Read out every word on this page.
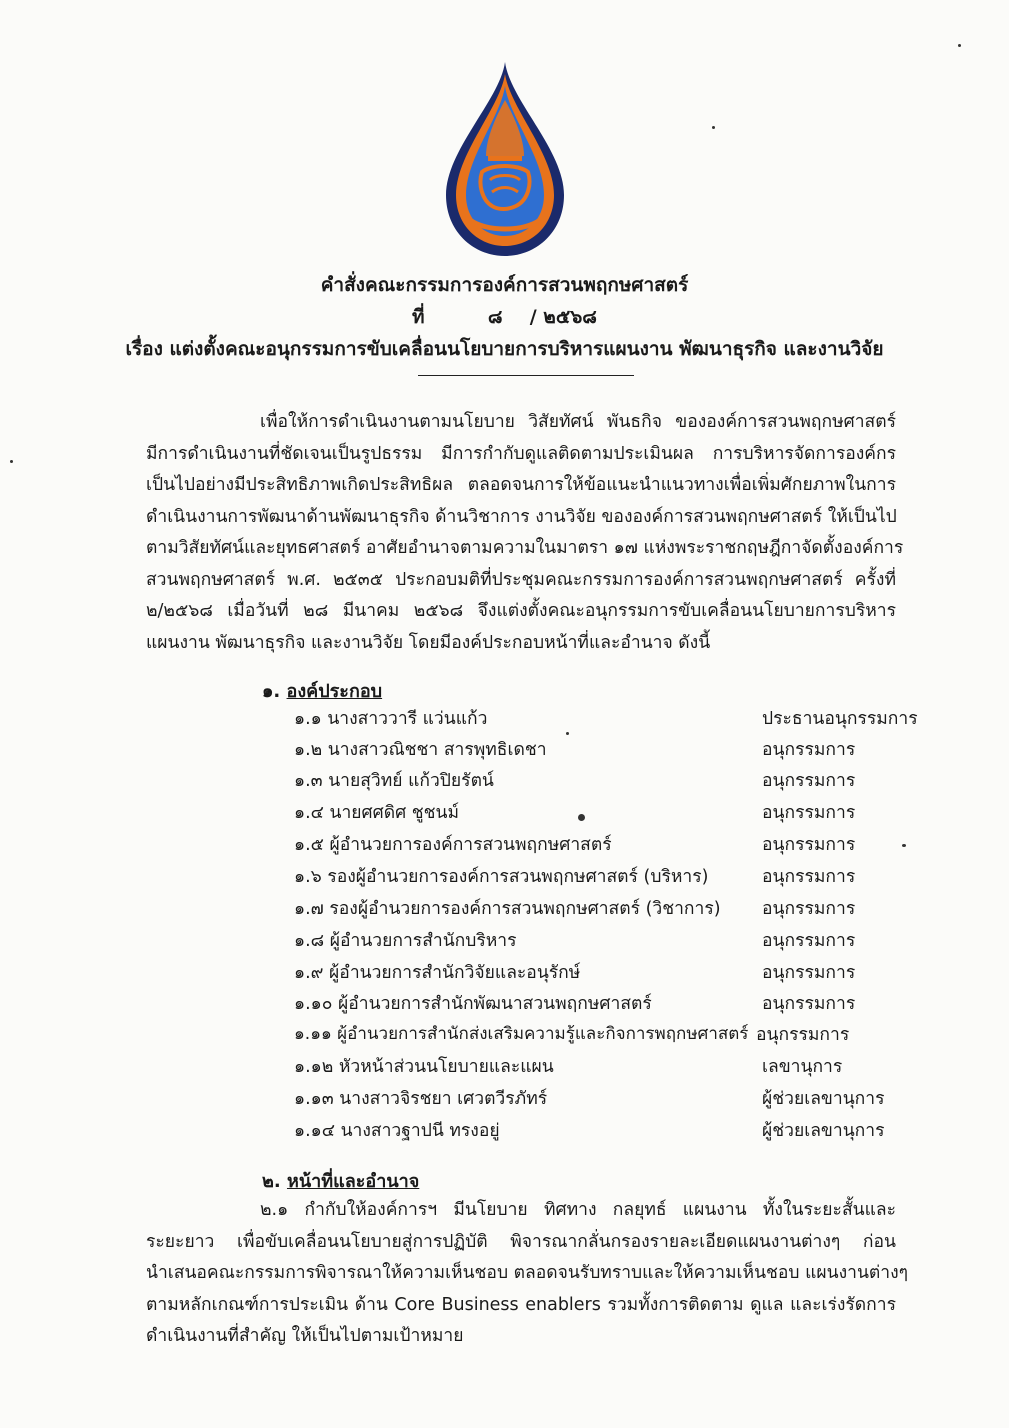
คำสั่งคณะกรรมการองค์การสวนพฤกษศาสตร์
ที่	๘ / ๒๕๖๘
เรื่อง แต่งตั้งคณะอนุกรรมการขับเคลื่อนนโยบายการบริหารแผนงาน พัฒนาธุรกิจ และงานวิจัย

เพื่อให้การดำเนินงานตามนโยบาย วิสัยทัศน์ พันธกิจ ขององค์การสวนพฤกษศาสตร์

มีการดำเนินงานที่ชัดเจนเป็นรูปธรรม มีการกำกับดูแลติดตามประเมินผล การบริหารจัดการองค์กร

เป็นไปอย่างมีประสิทธิภาพเกิดประสิทธิผล ตลอดจนการให้ข้อแนะนำแนวทางเพื่อเพิ่มศักยภาพในการ

ดำเนินงานการพัฒนาด้านพัฒนาธุรกิจ ด้านวิชาการ งานวิจัย ขององค์การสวนพฤกษศาสตร์ ให้เป็นไป

ตามวิสัยทัศน์และยุทธศาสตร์ อาศัยอำนาจตามความในมาตรา ๑๗ แห่งพระราชกฤษฎีกาจัดตั้งองค์การ

สวนพฤกษศาสตร์ พ.ศ. ๒๕๓๕ ประกอบมติที่ประชุมคณะกรรมการองค์การสวนพฤกษศาสตร์ ครั้งที่

๒/๒๕๖๘ เมื่อวันที่ ๒๘ มีนาคม ๒๕๖๘ จึงแต่งตั้งคณะอนุกรรมการขับเคลื่อนนโยบายการบริหาร

แผนงาน พัฒนาธุรกิจ และงานวิจัย โดยมีองค์ประกอบหน้าที่และอำนาจ ดังนี้

๑. องค์ประกอบ
๑.๑ นางสาววารี แว่นแก้ว	ประธานอนุกรรมการ
๑.๒ นางสาวณิชชา สารพุทธิเดชา	อนุกรรมการ
๑.๓ นายสุวิทย์ แก้วปิยรัตน์	อนุกรรมการ
๑.๔ นายศศดิศ ชูชนม์	อนุกรรมการ
๑.๕ ผู้อำนวยการองค์การสวนพฤกษศาสตร์	อนุกรรมการ
๑.๖ รองผู้อำนวยการองค์การสวนพฤกษศาสตร์ (บริหาร)	อนุกรรมการ
๑.๗ รองผู้อำนวยการองค์การสวนพฤกษศาสตร์ (วิชาการ) อนุกรรมการ
๑.๘ ผู้อำนวยการสำนักบริหาร	อนุกรรมการ
๑.๙ ผู้อำนวยการสำนักวิจัยและอนุรักษ์	อนุกรรมการ
๑.๑๐ ผู้อำนวยการสำนักพัฒนาสวนพฤกษศาสตร์	อนุกรรมการ
๑.๑๑ ผู้อำนวยการสำนักส่งเสริมความรู้และกิจการพฤกษศาสตร์ อนุกรรมการ
๑.๑๒ หัวหน้าส่วนนโยบายและแผน	เลขานุการ
๑.๑๓ นางสาวจิรชยา เศวตวีรภัทร์	ผู้ช่วยเลขานุการ
๑.๑๔ นางสาวฐาปนี ทรงอยู่	ผู้ช่วยเลขานุการ
๒. หน้าที่และอำนาจ

๒.๑ กำกับให้องค์การฯ มีนโยบาย ทิศทาง กลยุทธ์ แผนงาน ทั้งในระยะสั้นและ

ระยะยาว เพื่อขับเคลื่อนนโยบายสู่การปฏิบัติ พิจารณากลั่นกรองรายละเอียดแผนงานต่างๆ ก่อน

นำเสนอคณะกรรมการพิจารณาให้ความเห็นชอบ ตลอดจนรับทราบและให้ความเห็นชอบ แผนงานต่างๆ

ตามหลักเกณฑ์การประเมิน ด้าน Core Business enablers รวมทั้งการติดตาม ดูแล และเร่งรัดการ

ดำเนินงานที่สำคัญ ให้เป็นไปตามเป้าหมาย
